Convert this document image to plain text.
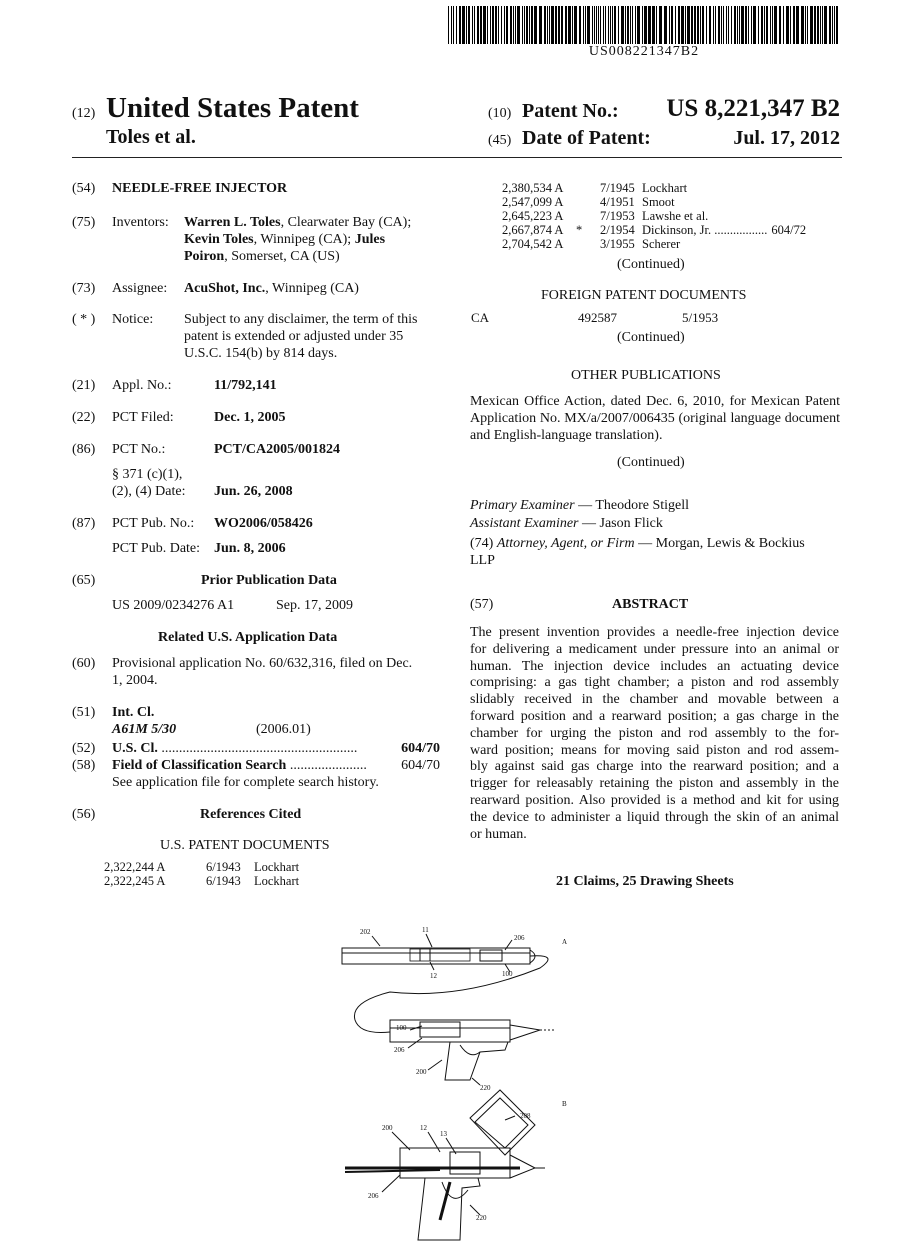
US008221347B2
(12) United States Patent
Toles et al.
(10) Patent No.: US 8,221,347 B2
(45) Date of Patent:	Jul. 17, 2012
(54) NEEDLE-FREE INJECTOR
(75) Inventors: Warren L. Toles, Clearwater Bay (CA);
Kevin Toles, Winnipeg (CA); Jules
Poiron, Somerset, CA (US)
(73) Assignee: AcuShot, Inc., Winnipeg (CA)
( * ) Notice: Subject to any disclaimer, the term of this
patent is extended or adjusted under 35
U.S.C. 154(b) by 814 days.
(21) Appl. No.:	11/792,141
(22) PCT Filed:	Dec. 1, 2005
(86) PCT No.:	PCT/CA2005/001824
§ 371 (c)(1),
(2), (4) Date: Jun. 26, 2008
(87) PCT Pub. No.: WO2006/058426
PCT Pub. Date: Jun. 8, 2006
(65)	Prior Publication Data
US 2009/0234276 A1	Sep. 17, 2009
Related U.S. Application Data
(60) Provisional application No. 60/632,316, filed on Dec.
1, 2004.
(51) Int. Cl.
A61M 5/30	(2006.01)
(52) U.S. Cl. ........................................................	604/70
(58) Field of Classification Search ......................	604/70
See application file for complete search history.
(56)	References Cited
U.S. PATENT DOCUMENTS
2,322,244 A	6/1943	Lockhart
2,322,245 A	6/1943	Lockhart
2,380,534 A		7/1945	Lockhart	
2,547,099 A		4/1951	Smoot	
2,645,223 A		7/1953	Lawshe et al.	
2,667,874 A	*	2/1954	Dickinson, Jr. .................	604/72
2,704,542 A		3/1955	Scherer	
(Continued)
FOREIGN PATENT DOCUMENTS
CA	492587	5/1953
(Continued)
OTHER PUBLICATIONS
Mexican Office Action, dated Dec. 6, 2010, for Mexican Patent
Application No. MX/a/2007/006435 (original language document
and English-language translation).
(Continued)
Primary Examiner — Theodore Stigell
Assistant Examiner — Jason Flick
(74) Attorney, Agent, or Firm — Morgan, Lewis & Bockius
LLP
(57)	ABSTRACT
The present invention provides a needle-free injection device
for delivering a medicament under pressure into an animal or
human. The injection device includes an actuating device
comprising: a gas tight chamber; a piston and rod assembly
slidably received in the chamber and movable between a
forward position and a rearward position; a gas charge in the
chamber for urging the piston and rod assembly to the for-
ward position; means for moving said piston and rod assem-
bly against said gas charge into the rearward position; and a
trigger for releasably retaining the piston and assembly in the
rearward position. Also provided is a method and kit for using
the device to administer a liquid through the skin of an animal
or human.
21 Claims, 25 Drawing Sheets
202	11
206
12	100
100
206
200
220
A
208
200	12
13
206
220
B
